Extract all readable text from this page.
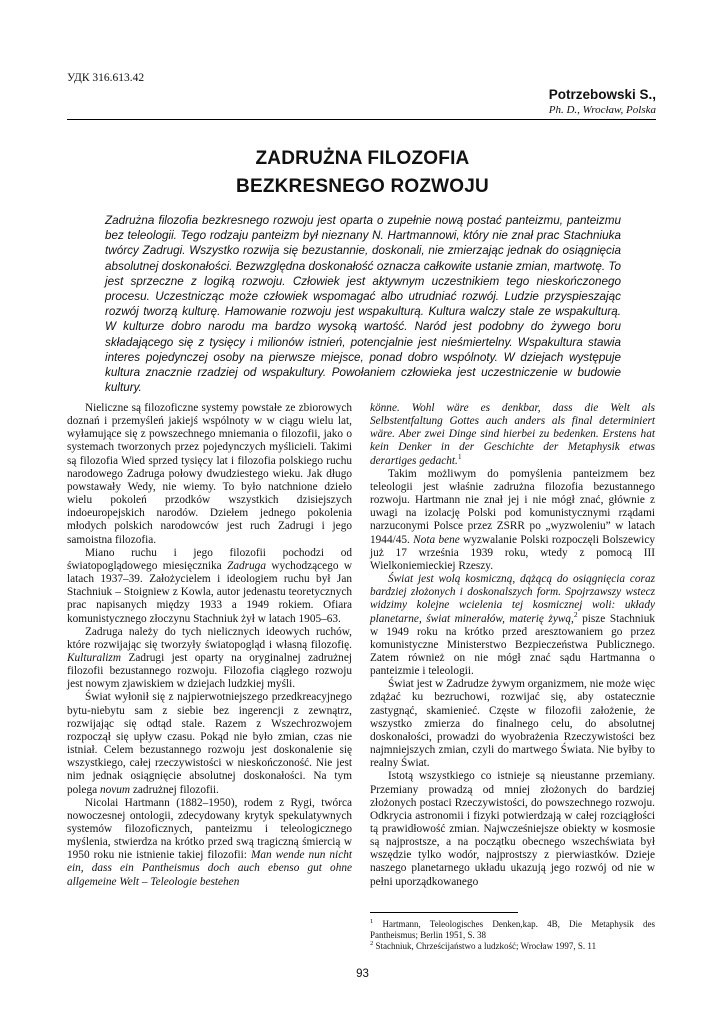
УДК 316.613.42
Potrzebowski S.,
Ph. D., Wrocław, Polska
ZADRUŻNA FILOZOFIA
BEZKRESNEGO ROZWOJU
Zadrużna filozofia bezkresnego rozwoju jest oparta o zupełnie nową postać panteizmu, panteizmu bez teleologii. Tego rodzaju panteizm był nieznany N. Hartmannowi, który nie znał prac Stachniuka twórcy Zadrugi. Wszystko rozwija się bezustannie, doskonali, nie zmierzając jednak do osiągnięcia absolutnej doskonałości. Bezwzględna doskonałość oznacza całkowite ustanie zmian, martwotę. To jest sprzeczne z logiką rozwoju. Człowiek jest aktywnym uczestnikiem tego nieskończonego procesu. Uczestnicząc może człowiek wspomagać albo utrudniać rozwój. Ludzie przyspieszając rozwój tworzą kulturę. Hamowanie rozwoju jest wspakulturą. Kultura walczy stale ze wspakulturą. W kulturze dobro narodu ma bardzo wysoką wartość. Naród jest podobny do żywego boru składającego się z tysięcy i milionów istnień, potencjalnie jest nieśmiertelny. Wspakultura stawia interes pojedynczej osoby na pierwsze miejsce, ponad dobro wspólnoty. W dziejach występuje kultura znacznie rzadziej od wspakultury. Powołaniem człowieka jest uczestniczenie w budowie kultury.

Nieliczne są filozoficzne systemy powstałe ze zbiorowych doznań i przemyśleń jakiejś wspólnoty w w ciągu wielu lat, wyłamujące się z powszechnego mniemania o filozofii, jako o systemach tworzonych przez pojedynczych myślicieli. Takimi są filozofia Wied sprzed tysięcy lat i filozofia polskiego ruchu narodowego Zadruga połowy dwudziestego wieku. Jak długo powstawały Wedy, nie wiemy. To było natchnione dzieło wielu pokoleń przodków wszystkich dzisiejszych indoeuropejskich narodów. Dziełem jednego pokolenia młodych polskich narodowców jest ruch Zadrugi i jego samoistna filozofia.

Miano ruchu i jego filozofii pochodzi od światopoglądowego miesięcznika Zadruga wychodzącego w latach 1937–39. Założycielem i ideologiem ruchu był Jan Stachniuk – Stoigniew z Kowla, autor jedenastu teoretycznych prac napisanych między 1933 a 1949 rokiem. Ofiara komunistycznego złoczynu Stachniuk żył w latach 1905–63.

Zadruga należy do tych nielicznych ideowych ruchów, które rozwijając się tworzyły światopogląd i własną filozofię. Kulturalizm Zadrugi jest oparty na oryginalnej zadrużnej filozofii bezustannego rozwoju. Filozofia ciągłego rozwoju jest nowym zjawiskiem w dziejach ludzkiej myśli.

Świat wyłonił się z najpierwotniejszego przedkreacyjnego bytu-niebytu sam z siebie bez ingerencji z zewnątrz, rozwijając się odtąd stale. Razem z Wszechrozwojem rozpoczął się upływ czasu. Pokąd nie było zmian, czas nie istniał. Celem bezustannego rozwoju jest doskonalenie się wszystkiego, całej rzeczywistości w nieskończoność. Nie jest nim jednak osiągnięcie absolutnej doskonałości. Na tym polega novum zadrużnej filozofii.

Nicolai Hartmann (1882–1950), rodem z Rygi, twórca nowoczesnej ontologii, zdecydowany krytyk spekulatywnych systemów filozoficznych, panteizmu i teleologicznego myślenia, stwierdza na krótko przed swą tragiczną śmiercią w 1950 roku nie istnienie takiej filozofii: Man wende nun nicht ein, dass ein Pantheismus doch auch ebenso gut ohne allgemeine Welt – Teleologie bestehen

könne. Wohl wäre es denkbar, dass die Welt als Selbstentfaltung Gottes auch anders als final determiniert wäre. Aber zwei Dinge sind hierbei zu bedenken. Erstens hat kein Denker in der Geschichte der Metaphysik etwas derartiges gedacht.$^1$

Takim możliwym do pomyślenia panteizmem bez teleologii jest właśnie zadrużna filozofia bezustannego rozwoju. Hartmann nie znał jej i nie mógł znać, głównie z uwagi na izolację Polski pod komunistycznymi rządami narzuconymi Polsce przez ZSRR po „wyzwoleniu” w latach 1944/45. Nota bene wyzwalanie Polski rozpoczęli Bolszewicy już 17 września 1939 roku, wtedy z pomocą III Wielkoniemieckiej Rzeszy.

Świat jest wolą kosmiczną, dążącą do osiągnięcia coraz bardziej złożonych i doskonalszych form. Spojrzawszy wstecz widzimy kolejne wcielenia tej kosmicznej woli: układy planetarne, świat minerałów, materię żywą,$^2$ pisze Stachniuk w 1949 roku na krótko przed aresztowaniem go przez komunistyczne Ministerstwo Bezpieczeństwa Publicznego. Zatem również on nie mógł znać sądu Hartmanna o panteizmie i teleologii.

Świat jest w Zadrudze żywym organizmem, nie może więc zdążać ku bezruchowi, rozwijać się, aby ostatecznie zastygnąć, skamienieć. Częste w filozofii założenie, że wszystko zmierza do finalnego celu, do absolutnej doskonałości, prowadzi do wyobrażenia Rzeczywistości bez najmniejszych zmian, czyli do martwego Świata. Nie byłby to realny Świat.

Istotą wszystkiego co istnieje są nieustanne przemiany. Przemiany prowadzą od mniej złożonych do bardziej złożonych postaci Rzeczywistości, do powszechnego rozwoju. Odkrycia astronomii i fizyki potwierdzają w całej rozciągłości tą prawidłowość zmian. Najwcześniejsze obiekty w kosmosie są najprostsze, a na początku obecnego wszechświata był wszędzie tylko wodór, najprostszy z pierwiastków. Dzieje naszego planetarnego układu ukazują jego rozwój od nie w pełni uporządkowanego

$^1$ Hartmann, Teleologisches Denken,kap. 4B, Die Metaphysik des Pantheismus; Berlin 1951, S. 38

$^2$ Stachniuk, Chrześcijaństwo a ludzkość; Wrocław 1997, S. 11

93
